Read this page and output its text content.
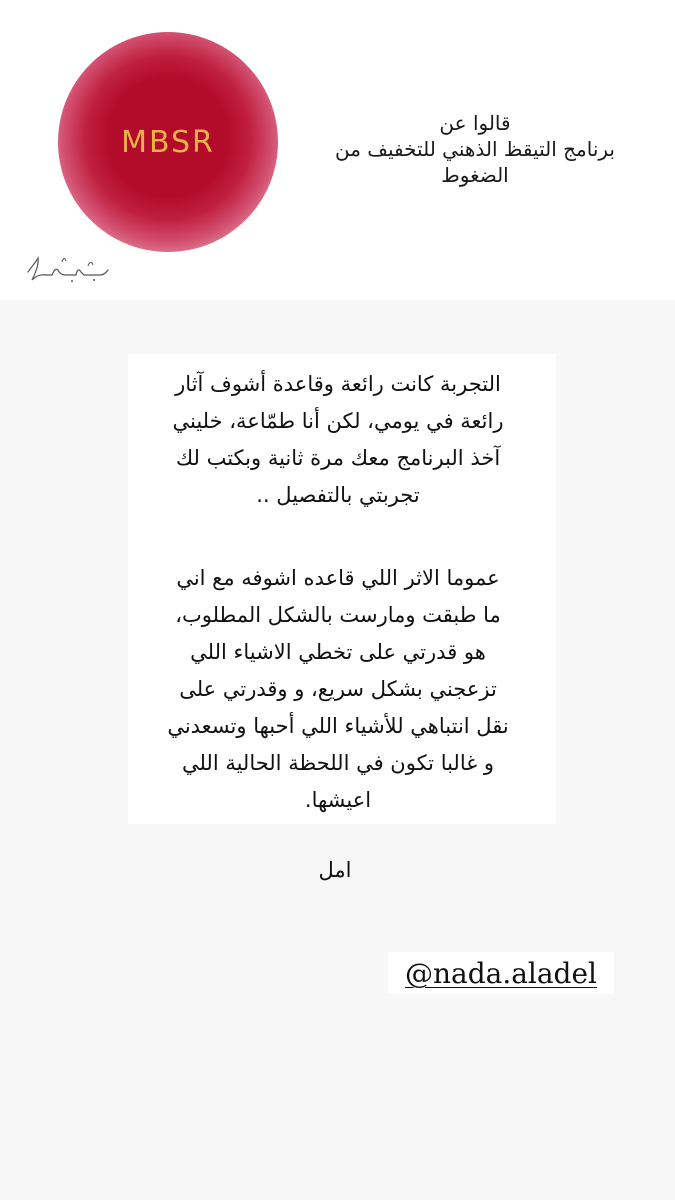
MBSR
قالوا عن
برنامج التيقظ الذهني للتخفيف من
الضغوط
التجربة كانت رائعة وقاعدة أشوف آثار
رائعة في يومي، لكن أنا طمّاعة، خليني
آخذ البرنامج معك مرة ثانية وبكتب لك
تجربتي بالتفصيل ..
عموما الاثر اللي قاعده اشوفه مع اني
ما طبقت ومارست بالشكل المطلوب،
هو قدرتي على تخطي الاشياء اللي
تزعجني بشكل سريع، و وقدرتي على
نقل انتباهي للأشياء اللي أحبها وتسعدني
و غالبا تكون في اللحظة الحالية اللي
اعيشها.
امل
@nada.aladel
